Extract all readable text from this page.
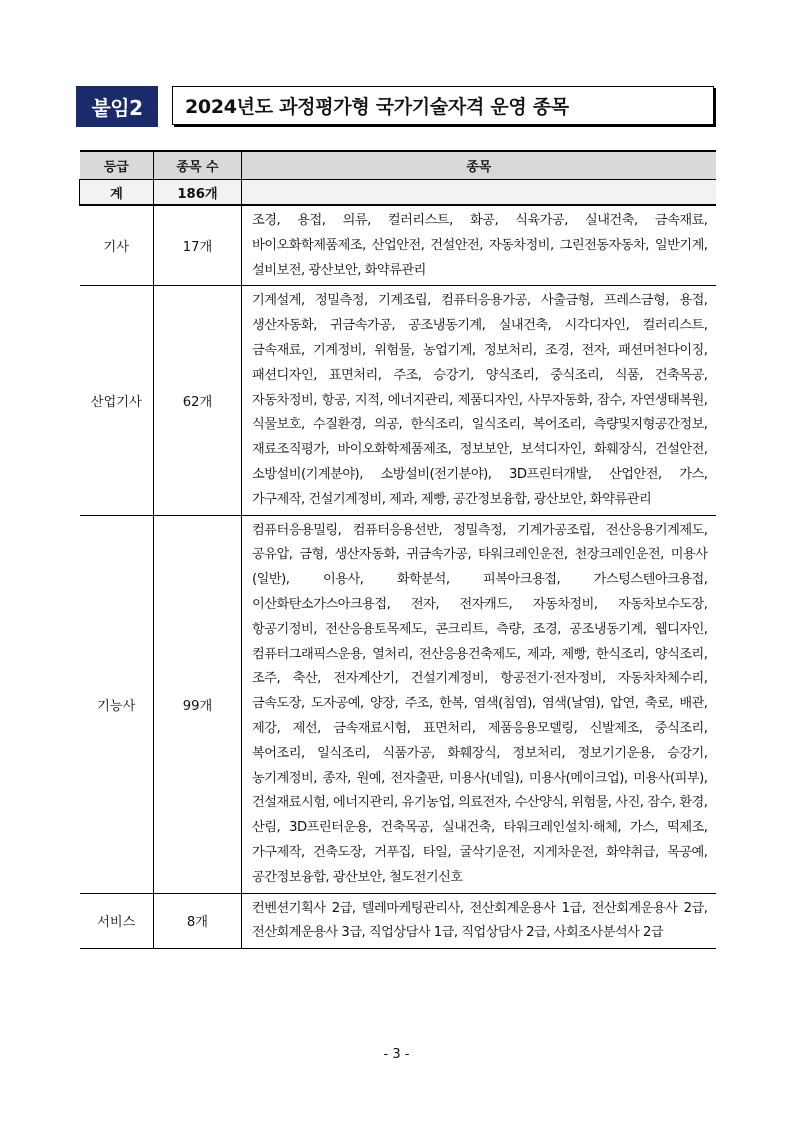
붙임2	2024년도 과정평가형 국가기술자격 운영 종목
등급	종목 수	종목
계	186개	
기사	17개	조경, 용접, 의류, 컬러리스트, 화공, 식육가공, 실내건축, 금속재료, 바이오화학제품제조, 산업안전, 건설안전, 자동차정비, 그린전동자동차, 일반기계, 설비보전, 광산보안, 화약류관리
산업기사	62개	기계설계, 정밀측정, 기계조립, 컴퓨터응용가공, 사출금형, 프레스금형, 용접, 생산자동화, 귀금속가공, 공조냉동기계, 실내건축, 시각디자인, 컬러리스트, 금속재료, 기계정비, 위험물, 농업기계, 정보처리, 조경, 전자, 패션머천다이징, 패션디자인, 표면처리, 주조, 승강기, 양식조리, 중식조리, 식품, 건축목공, 자동차정비, 항공, 지적, 에너지관리, 제품디자인, 사무자동화, 잠수, 자연생태복원, 식물보호, 수질환경, 의공, 한식조리, 일식조리, 복어조리, 측량및지형공간정보, 재료조직평가, 바이오화학제품제조, 정보보안, 보석디자인, 화훼장식, 건설안전, 소방설비(기계분야), 소방설비(전기분야), 3D프린터개발, 산업안전, 가스, 가구제작, 건설기계정비, 제과, 제빵, 공간정보융합, 광산보안, 화약류관리
기능사	99개	컴퓨터응용밀링, 컴퓨터응용선반, 정밀측정, 기계가공조립, 전산응용기계제도, 공유압, 금형, 생산자동화, 귀금속가공, 타워크레인운전, 천장크레인운전, 미용사(일반), 이용사, 화학분석, 피복아크용접, 가스텅스텐아크용접, 이산화탄소가스아크용접, 전자, 전자캐드, 자동차정비, 자동차보수도장, 항공기정비, 전산응용토목제도, 콘크리트, 측량, 조경, 공조냉동기계, 웹디자인, 컴퓨터그래픽스운용, 열처리, 전산응용건축제도, 제과, 제빵, 한식조리, 양식조리, 조주, 축산, 전자계산기, 건설기계정비, 항공전기·전자정비, 자동차차체수리, 금속도장, 도자공예, 양장, 주조, 한복, 염색(침염), 염색(날염), 압연, 축로, 배관, 제강, 제선, 금속재료시험, 표면처리, 제품응용모델링, 신발제조, 중식조리, 복어조리, 일식조리, 식품가공, 화훼장식, 정보처리, 정보기기운용, 승강기, 농기계정비, 종자, 원예, 전자출판, 미용사(네일), 미용사(메이크업), 미용사(피부), 건설재료시험, 에너지관리, 유기농업, 의료전자, 수산양식, 위험물, 사진, 잠수, 환경, 산림, 3D프린터운용, 건축목공, 실내건축, 타워크레인설치·해체, 가스, 떡제조, 가구제작, 건축도장, 거푸집, 타일, 굴삭기운전, 지게차운전, 화약취급, 목공예, 공간정보융합, 광산보안, 철도전기신호
서비스	8개	컨벤션기획사 2급, 텔레마케팅관리사, 전산회계운용사 1급, 전산회계운용사 2급, 전산회계운용사 3급, 직업상담사 1급, 직업상담사 2급, 사회조사분석사 2급
- 3 -
